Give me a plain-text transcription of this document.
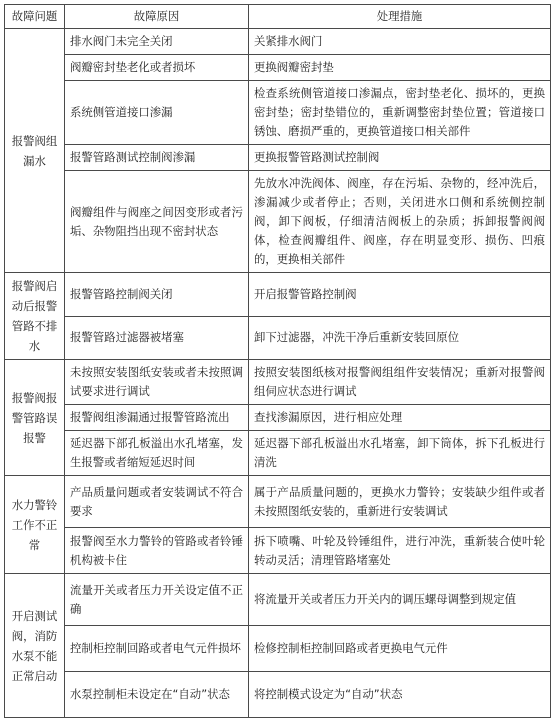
故障问题	故障原因	处理措施

报警阀组漏水	排水阀门未完全关闭	关紧排水阀门
	阀瓣密封垫老化或者损坏	更换阀瓣密封垫
	系统侧管道接口渗漏	检查系统侧管道接口渗漏点，密封垫老化、损坏的，更换密封垫；密封垫错位的，重新调整密封垫位置；管道接口锈蚀、磨损严重的，更换管道接口相关部件
	报警管路测试控制阀渗漏	更换报警管路测试控制阀
	阀瓣组件与阀座之间因变形或者污垢、杂物阻挡出现不密封状态	先放水冲洗阀体、阀座，存在污垢、杂物的，经冲洗后，渗漏减少或者停止；否则，关闭进水口侧和系统侧控制阀，卸下阀板，仔细清洁阀板上的杂质；拆卸报警阀阀体，检查阀瓣组件、阀座，存在明显变形、损伤、凹痕的，更换相关部件
报警阀启动后报警管路不排水	报警管路控制阀关闭	开启报警管路控制阀
	报警管路过滤器被堵塞	卸下过滤器，冲洗干净后重新安装回原位

报警阀报警管路误报警	未按照安装图纸安装或者未按照调试要求进行调试	按照安装图纸核对报警阀组组件安装情况；重新对报警阀组伺应状态进行调试
	报警阀组渗漏通过报警管路流出	查找渗漏原因，进行相应处理
	延迟器下部孔板溢出水孔堵塞，发生报警或者缩短延迟时间	延迟器下部孔板溢出水孔堵塞，卸下筒体，拆下孔板进行清洗

水力警铃工作不正常	产品质量问题或者安装调试不符合要求	属于产品质量问题的，更换水力警铃；安装缺少组件或者未按照图纸安装的，重新进行安装调试
	报警阀至水力警铃的管路或者铃锤机构被卡住	拆下喷嘴、叶轮及铃锤组件，进行冲洗，重新装合使叶轮转动灵活；清理管路堵塞处
开启测试阀，消防水泵不能正常启动	流量开关或者压力开关设定值不正确	将流量开关或者压力开关内的调压螺母调整到规定值
	控制柜控制回路或者电气元件损坏	检修控制柜控制回路或者更换电气元件
	水泵控制柜未设定在“自动”状态	将控制模式设定为“自动”状态
